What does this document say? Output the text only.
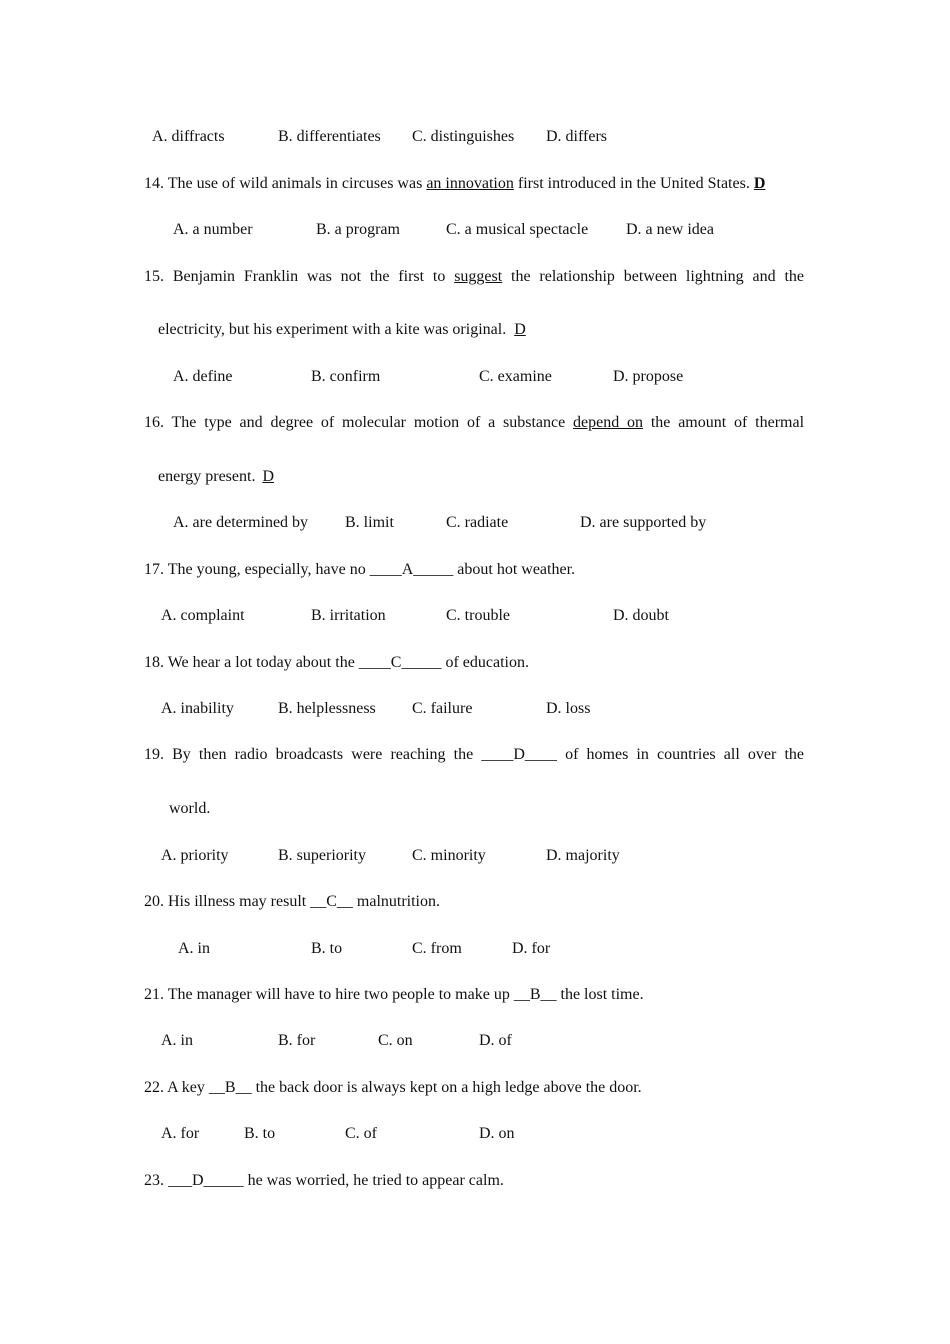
A. diffracts	B. differentiates C. distinguishes D. differs
14. The use of wild animals in circuses was an innovation first introduced in the United States. D
A. a number	B. a program	C. a musical spectacle D. a new idea
15. Benjamin Franklin was not the first to suggest the relationship between lightning and the
electricity, but his experiment with a kite was original. D
A. define	B. confirm	C. examine	D. propose
16. The type and degree of molecular motion of a substance depend on the amount of thermal
energy present. D
A. are determined by B. limit	C. radiate	D. are supported by
17. The young, especially, have no ____A_____ about hot weather.
A. complaint	B. irritation	C. trouble	D. doubt
18. We hear a lot today about the ____C_____ of education.
A. inability	B. helplessness C. failure	D. loss
19. By then radio broadcasts were reaching the ____D____ of homes in countries all over the
world.
A. priority	B. superiority	C. minority	D. majority
20. His illness may result __C__ malnutrition.
A. in	B. to	C. from	D. for
21. The manager will have to hire two people to make up __B__ the lost time.
A. in	B. for	C. on	D. of
22. A key __B__ the back door is always kept on a high ledge above the door.
A. for	B. to	C. of	D. on
23. ___D_____ he was worried, he tried to appear calm.
